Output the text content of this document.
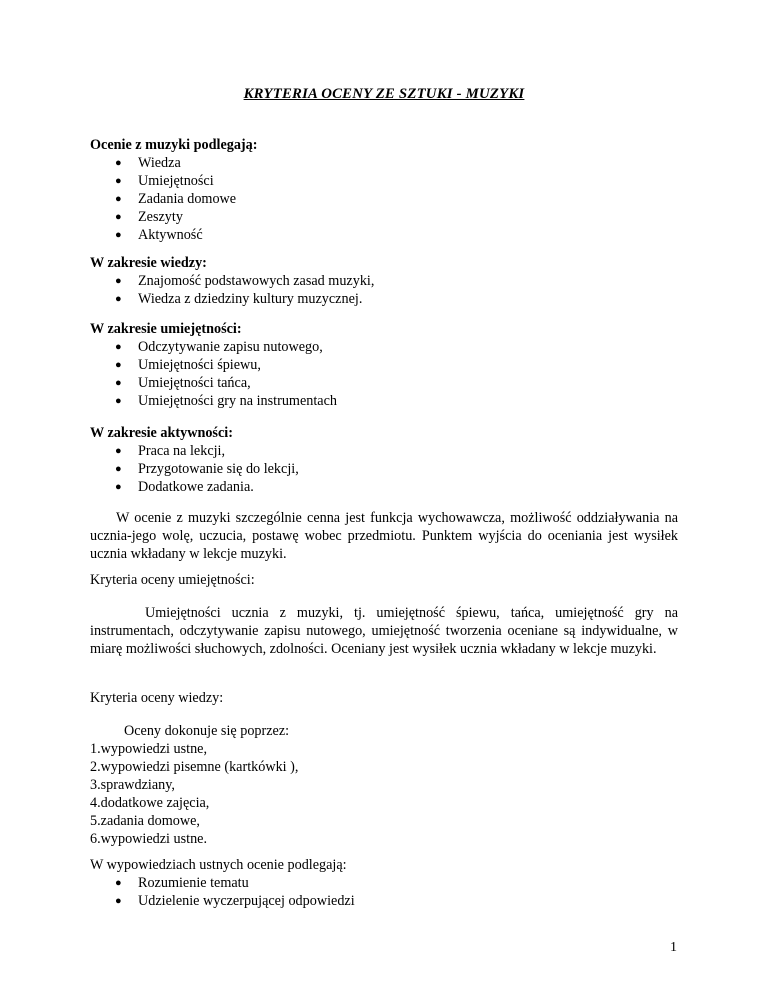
KRYTERIA OCENY ZE SZTUKI - MUZYKI
Ocenie z muzyki podlegają:
● Wiedza
● Umiejętności
● Zadania domowe
● Zeszyty
● Aktywność
W zakresie wiedzy:
● Znajomość podstawowych zasad muzyki,
● Wiedza z dziedziny kultury muzycznej.
W zakresie umiejętności:
● Odczytywanie zapisu nutowego,
● Umiejętności śpiewu,
● Umiejętności tańca,
● Umiejętności gry na instrumentach
W zakresie aktywności:
● Praca na lekcji,
● Przygotowanie się do lekcji,
● Dodatkowe zadania.

W ocenie z muzyki szczególnie cenna jest funkcja wychowawcza, możliwość oddziaływania na ucznia-jego wolę, uczucia, postawę wobec przedmiotu. Punktem wyjścia do oceniania jest wysiłek ucznia wkładany w lekcje muzyki.

Kryteria oceny umiejętności:

Umiejętności ucznia z muzyki, tj. umiejętność śpiewu, tańca, umiejętność gry na instrumentach, odczytywanie zapisu nutowego, umiejętność tworzenia oceniane są indywidualne, w miarę możliwości słuchowych, zdolności. Oceniany jest wysiłek ucznia wkładany w lekcje muzyki.

Kryteria oceny wiedzy:
Oceny dokonuje się poprzez:
1.wypowiedzi ustne,
2.wypowiedzi pisemne (kartkówki ),
3.sprawdziany,
4.dodatkowe zajęcia,
5.zadania domowe,
6.wypowiedzi ustne.
W wypowiedziach ustnych ocenie podlegają:
● Rozumienie tematu
● Udzielenie wyczerpującej odpowiedzi
1
